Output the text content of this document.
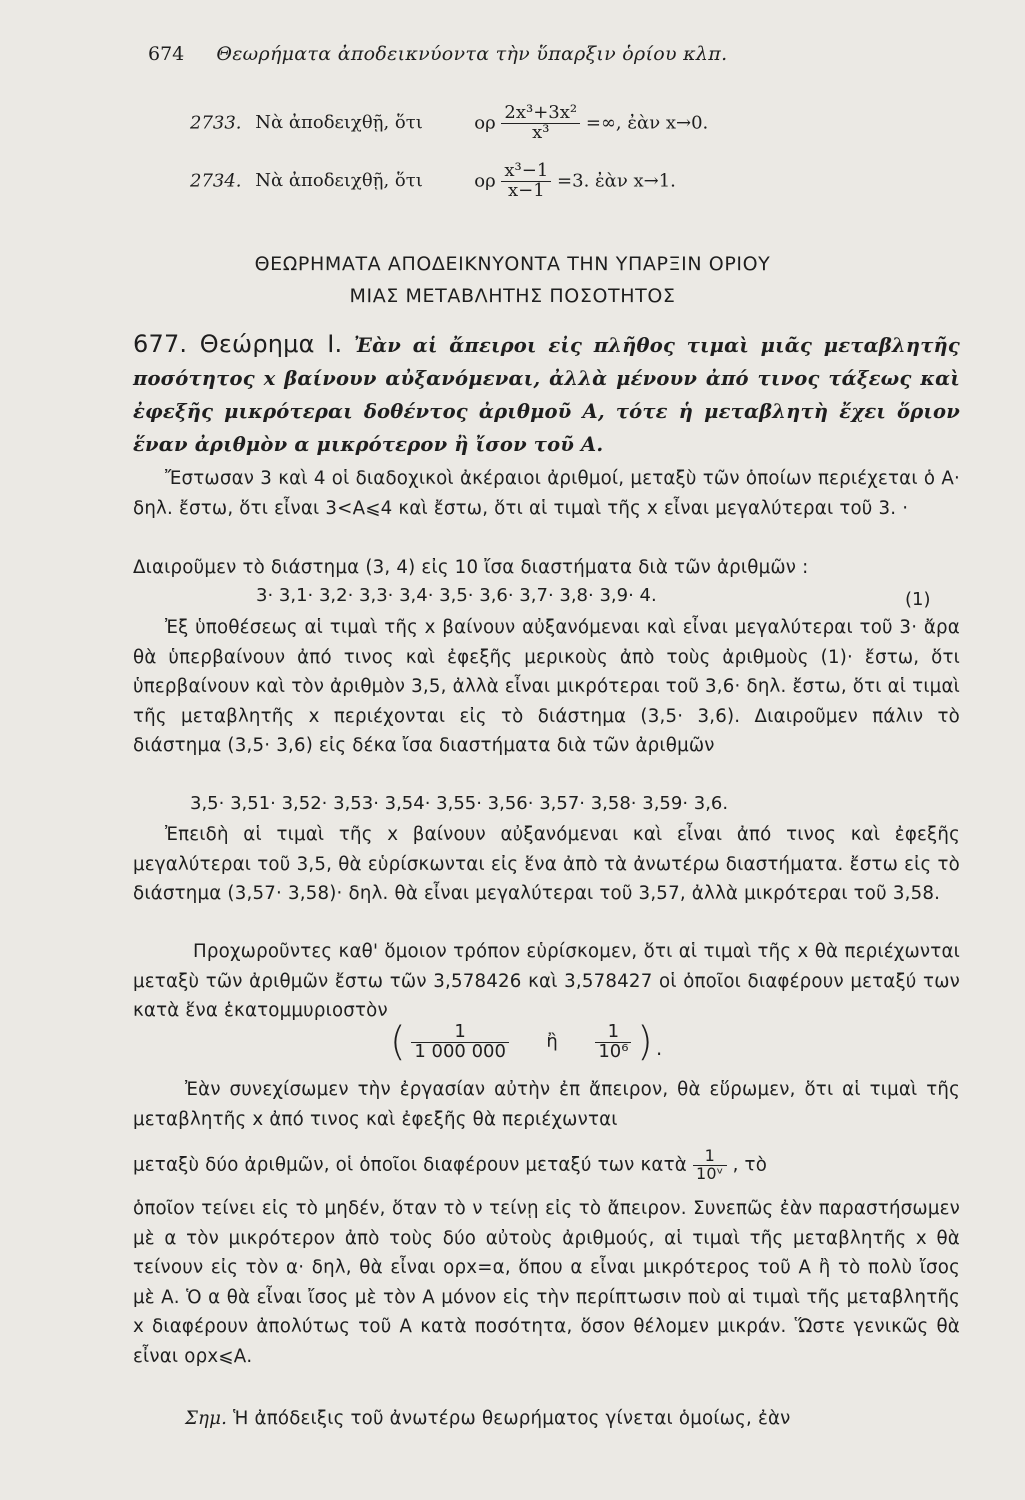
674 Θεωρήματα ἀποδεικνύοντα τὴν ὕπαρξιν ὁρίου κλπ.
2733. Νὰ ἀποδειχθῇ, ὅτι	ορ $\frac{\text{2x³+3x²}}{\text{x³}}$ =∞, ἐὰν x→0.
2734. Νὰ ἀποδειχθῇ, ὅτι	ορ $\frac{\text{x³−1}}{x-1} =3$. ἐὰν x→1.
ΘΕΩΡΗΜΑΤΑ ΑΠΟΔΕΙΚΝΥΟΝΤΑ ΤΗΝ ΥΠΑΡΞΙΝ ΟΡΙΟΥ
ΜΙΑΣ ΜΕΤΑΒΛΗΤΗΣ ΠΟΣΟΤΗΤΟΣ
677. Θεώρημα Ι. Ἐὰν αἱ ἄπειροι εἰς πλῆθος τιμαὶ μιᾶς μεταβλητῆς ποσότητος x βαίνουν αὐξανόμεναι, ἀλλὰ μένουν ἀπό τινος τάξεως καὶ ἐφεξῆς μικρότεραι δοθέντος ἀριθμοῦ A, τότε ἡ μεταβλητὴ ἔχει ὅριον ἕναν ἀριθμὸν α μικρότερον ἢ ἴσον τοῦ A.
Ἔστωσαν 3 καὶ 4 οἱ διαδοχικοὶ ἀκέραιοι ἀριθμοί, μεταξὺ τῶν ὁποίων περιέχεται ὁ Α· δηλ. ἔστω, ὅτι εἶναι 3<Α⩽4 καὶ ἔστω, ὅτι αἱ τιμαὶ τῆς x εἶναι μεγαλύτεραι τοῦ 3. ·
Διαιροῦμεν τὸ διάστημα (3, 4) εἰς 10 ἴσα διαστήματα διὰ τῶν ἀριθμῶν :
3· 3,1· 3,2· 3,3· 3,4· 3,5· 3,6· 3,7· 3,8· 3,9· 4.	(1)
Ἐξ ὑποθέσεως αἱ τιμαὶ τῆς x βαίνουν αὐξανόμεναι καὶ εἶναι μεγαλύτεραι τοῦ 3· ἄρα θὰ ὑπερβαίνουν ἀπό τινος καὶ ἐφεξῆς μερικοὺς ἀπὸ τοὺς ἀριθμοὺς (1)· ἔστω, ὅτι ὑπερβαίνουν καὶ τὸν ἀριθμὸν 3,5, ἀλλὰ εἶναι μικρότεραι τοῦ 3,6· δηλ. ἔστω, ὅτι αἱ τιμαὶ τῆς μεταβλητῆς x περιέχονται εἰς τὸ διάστημα (3,5· 3,6). Διαιροῦμεν πάλιν τὸ διάστημα (3,5· 3,6) εἰς δέκα ἴσα διαστήματα διὰ τῶν ἀριθμῶν
3,5· 3,51· 3,52· 3,53· 3,54· 3,55· 3,56· 3,57· 3,58· 3,59· 3,6.
Ἐπειδὴ αἱ τιμαὶ τῆς x βαίνουν αὐξανόμεναι καὶ εἶναι ἀπό τινος καὶ ἐφεξῆς μεγαλύτεραι τοῦ 3,5, θὰ εὑρίσκωνται εἰς ἕνα ἀπὸ τὰ ἀνωτέρω διαστήματα. ἔστω εἰς τὸ διάστημα (3,57· 3,58)· δηλ. θὰ εἶναι μεγαλύτεραι τοῦ 3,57, ἀλλὰ μικρότεραι τοῦ 3,58.
Προχωροῦντες καθ' ὅμοιον τρόπον εὑρίσκομεν, ὅτι αἱ τιμαὶ τῆς x θὰ περιέχωνται μεταξὺ τῶν ἀριθμῶν ἔστω τῶν 3,578426 καὶ 3,578427 οἱ ὁποῖοι διαφέρουν μεταξύ των κατὰ ἕνα ἑκατομμυριοστὸν
( $\frac{1}{1 000 000}$ ἢ $\frac{1}{\text{10⁶}}$ ).
Ἐὰν συνεχίσωμεν τὴν ἐργασίαν αὐτὴν ἐπ ἄπειρον, θὰ εὕρωμεν, ὅτι αἱ τιμαὶ τῆς μεταβλητῆς x ἀπό τινος καὶ ἐφεξῆς θὰ περιέχωνται
μεταξὺ δύο ἀριθμῶν, οἱ ὁποῖοι διαφέρουν μεταξύ των κατὰ $\frac{1}{\text{10ᵛ}}$ , τὸ
ὁποῖον τείνει εἰς τὸ μηδέν, ὅταν τὸ ν τείνῃ εἰς τὸ ἄπειρον. Συνεπῶς ἐὰν παραστήσωμεν μὲ α τὸν μικρότερον ἀπὸ τοὺς δύο αὐτοὺς ἀριθμούς, αἱ τιμαὶ τῆς μεταβλητῆς x θὰ τείνουν εἰς τὸν α· δηλ, θὰ εἶναι ορx=α, ὅπου α εἶναι μικρότερος τοῦ Α ἢ τὸ πολὺ ἴσος μὲ Α. Ὁ α θὰ εἶναι ἴσος μὲ τὸν Α μόνον εἰς τὴν περίπτωσιν ποὺ αἱ τιμαὶ τῆς μεταβλητῆς x διαφέρουν ἀπολύτως τοῦ Α κατὰ ποσότητα, ὅσον θέλομεν μικράν. Ὥστε γενικῶς θὰ εἶναι ορx⩽Α.
Σημ. Ἡ ἀπόδειξις τοῦ ἀνωτέρω θεωρήματος γίνεται ὁμοίως, ἐὰν
